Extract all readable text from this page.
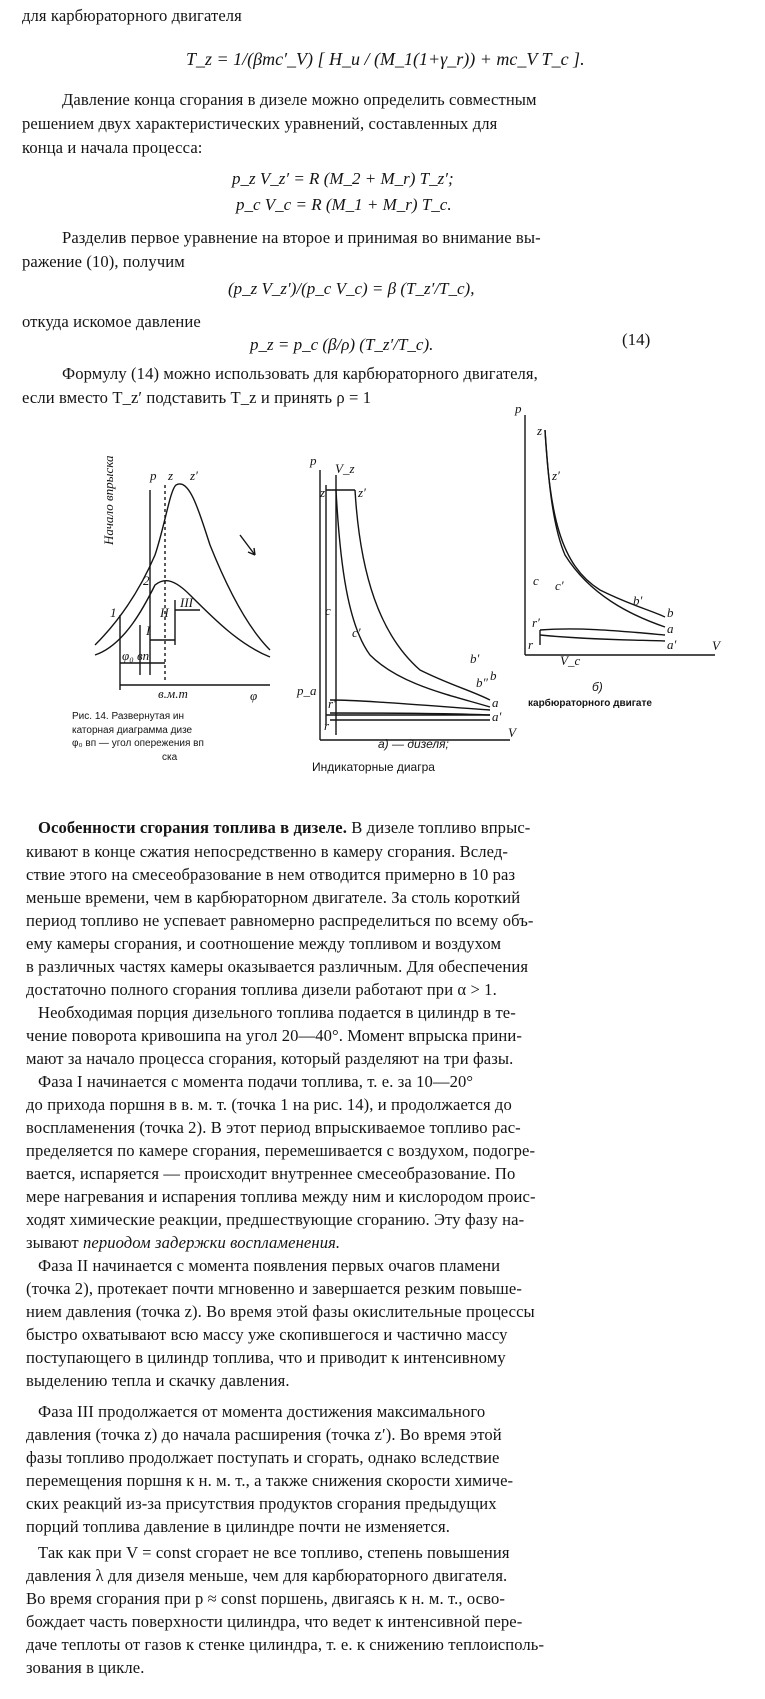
для карбюраторного двигателя
T_z = 1/(βmc′_V) [ H_u / (M_1(1+γ_r)) + mc_V T_c ].
Давление конца сгорания в дизеле можно определить совместным
решением двух характеристических уравнений, составленных для
конца и начала процесса:
p_z V_z′ = R (M_2 + M_r) T_z′;
p_c V_c = R (M_1 + M_r) T_c.
Разделив первое уравнение на второе и принимая во внимание вы-
ражение (10), получим
(p_z V_z′)/(p_c V_c) = β (T_z′/T_c),
откуда искомое давление
p_z = p_c (β/ρ) (T_z′/T_c).	(14)
Формулу (14) можно использовать для карбюраторного двигателя,
если вместо T_z′ подставить T_z и принять ρ = 1
Начало впрыска	p z z′
2
1
I
II
III
φ₀ вп
в.м.т	φ
p
V_z
z	z′
c
c′
b′
b″ b
a
a′
r′
r
p_a
V
p
z
z′
c c′
b′
b
a
a′
r′
r
V_c
V
Рис. 14. Развернутая ин
каторная диаграмма дизе
φ₀ вп — угол опережения вп
ска
а) — дизеля;
Индикаторные диагра
б)
карбюраторного двигате
Особенности сгорания топлива в дизеле. В дизеле топливо впрыс-
кивают в конце сжатия непосредственно в камеру сгорания. Вслед-
ствие этого на смесеобразование в нем отводится примерно в 10 раз
меньше времени, чем в карбюраторном двигателе. За столь короткий
период топливо не успевает равномерно распределиться по всему объ-
ему камеры сгорания, и соотношение между топливом и воздухом
в различных частях камеры оказывается различным. Для обеспечения
достаточно полного сгорания топлива дизели работают при α > 1.
Необходимая порция дизельного топлива подается в цилиндр в те-
чение поворота кривошипа на угол 20—40°. Момент впрыска прини-
мают за начало процесса сгорания, который разделяют на три фазы.
Фаза I начинается с момента подачи топлива, т. е. за 10—20°
до прихода поршня в в. м. т. (точка 1 на рис. 14), и продолжается до
воспламенения (точка 2). В этот период впрыскиваемое топливо рас-
пределяется по камере сгорания, перемешивается с воздухом, подогре-
вается, испаряется — происходит внутреннее смесеобразование. По
мере нагревания и испарения топлива между ним и кислородом проис-
ходят химические реакции, предшествующие сгоранию. Эту фазу на-
зывают периодом задержки воспламенения.
Фаза II начинается с момента появления первых очагов пламени
(точка 2), протекает почти мгновенно и завершается резким повыше-
нием давления (точка z). Во время этой фазы окислительные процессы
быстро охватывают всю массу уже скопившегося и частично массу
поступающего в цилиндр топлива, что и приводит к интенсивному
выделению тепла и скачку давления.
Фаза III продолжается от момента достижения максимального
давления (точка z) до начала расширения (точка z′). Во время этой
фазы топливо продолжает поступать и сгорать, однако вследствие
перемещения поршня к н. м. т., а также снижения скорости химиче-
ских реакций из-за присутствия продуктов сгорания предыдущих
порций топлива давление в цилиндре почти не изменяется.
Так как при V = const сгорает не все топливо, степень повышения
давления λ для дизеля меньше, чем для карбюраторного двигателя.
Во время сгорания при p ≈ const поршень, двигаясь к н. м. т., осво-
бождает часть поверхности цилиндра, что ведет к интенсивной пере-
даче теплоты от газов к стенке цилиндра, т. е. к снижению теплоисполь-
зования в цикле.
